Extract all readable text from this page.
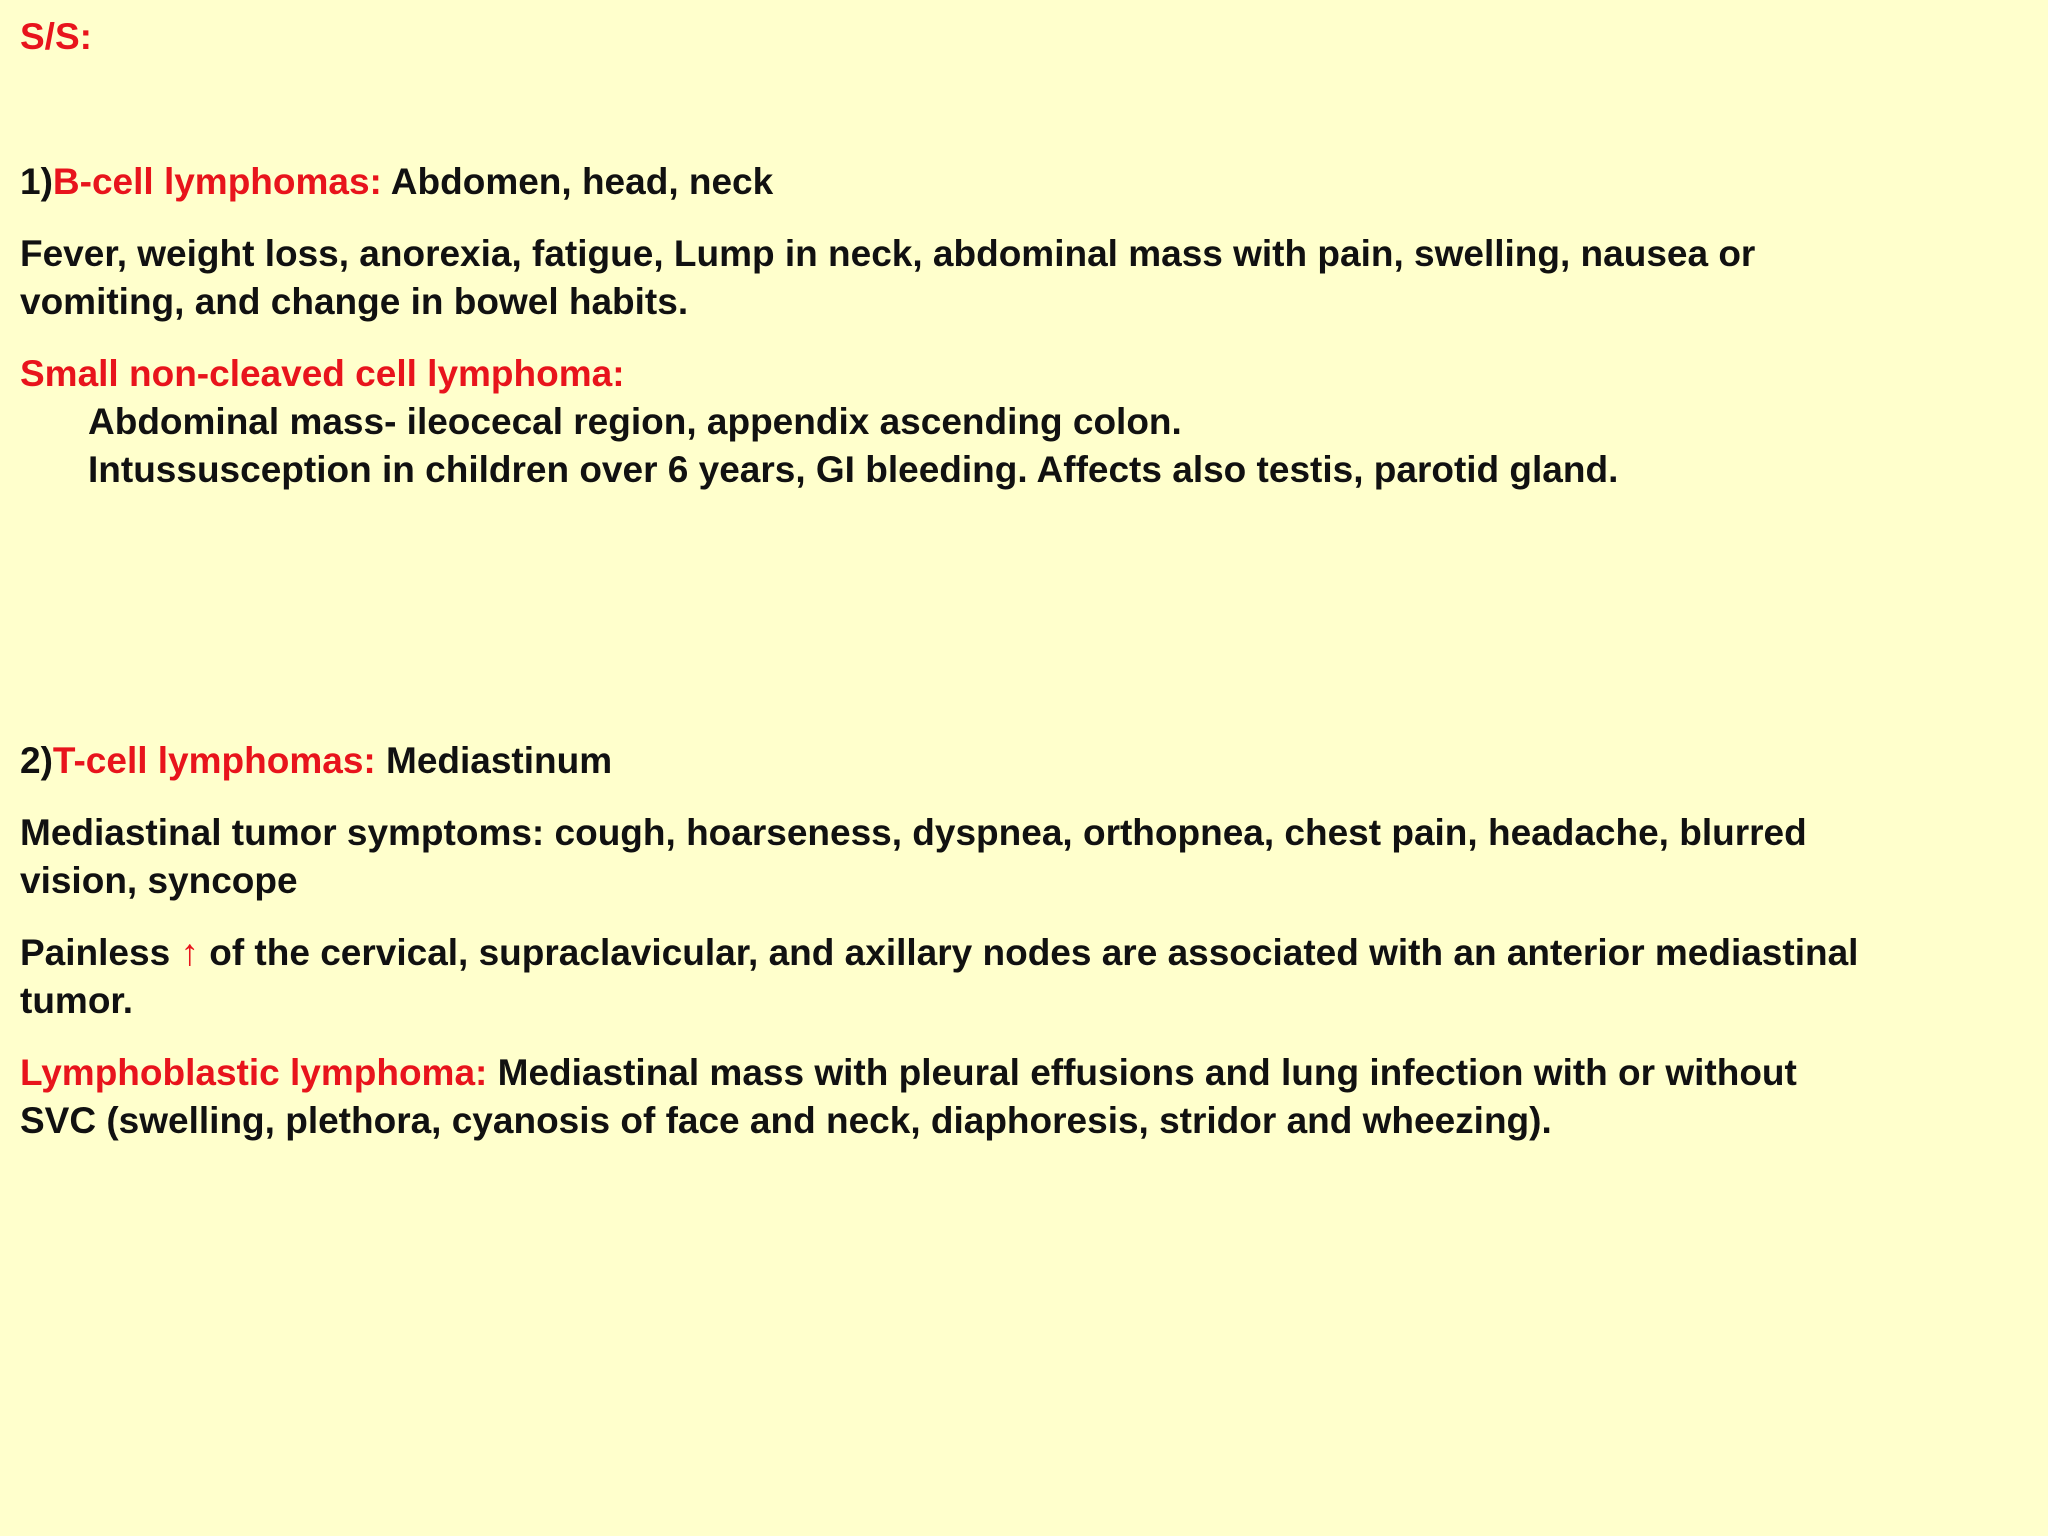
S/S:
1)B-cell lymphomas: Abdomen, head, neck
Fever, weight loss, anorexia, fatigue, Lump in neck, abdominal mass with pain, swelling, nausea or
vomiting, and change in bowel habits.
Small non-cleaved cell lymphoma:
Abdominal mass- ileocecal region, appendix ascending colon.
Intussusception in children over 6 years, GI bleeding. Affects also testis, parotid gland.
2)T-cell lymphomas: Mediastinum
Mediastinal tumor symptoms: cough, hoarseness, dyspnea, orthopnea, chest pain, headache, blurred
vision, syncope
Painless ↑ of the cervical, supraclavicular, and axillary nodes are associated with an anterior mediastinal
tumor.
Lymphoblastic lymphoma: Mediastinal mass with pleural effusions and lung infection with or without
SVC (swelling, plethora, cyanosis of face and neck, diaphoresis, stridor and wheezing).
